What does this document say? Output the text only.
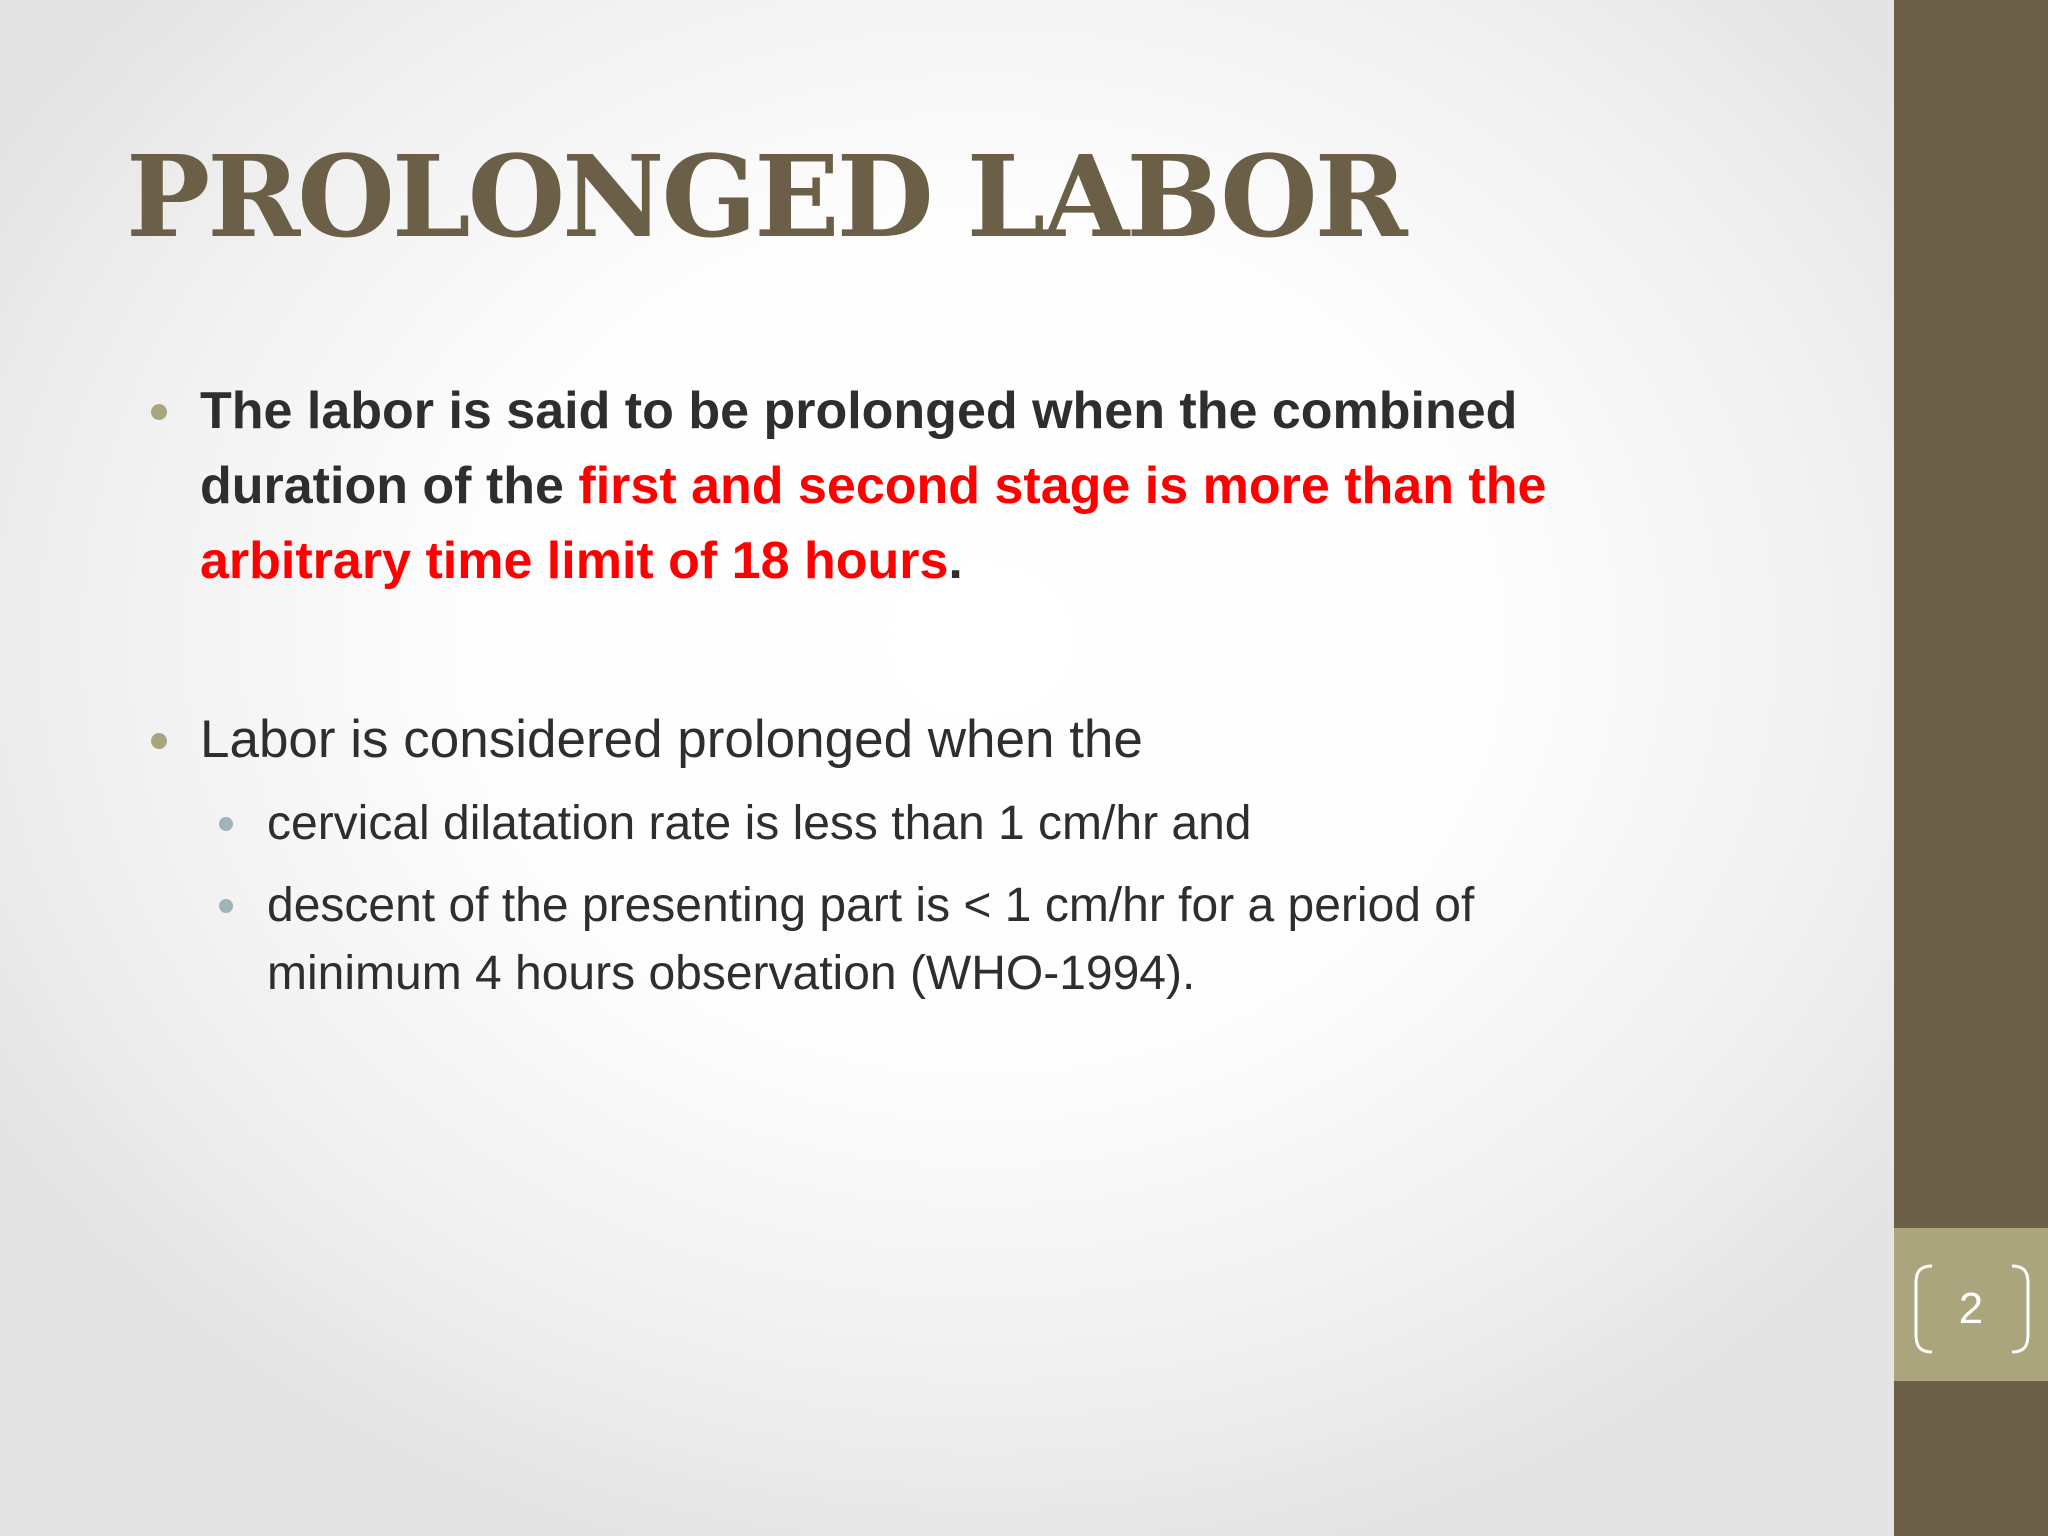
2
PROLONGED LABOR
The labor is said to be prolonged when the combined duration of the first and second stage is more than the arbitrary time limit of 18 hours.
Labor is considered prolonged when the
cervical dilatation rate is less than 1 cm/hr and
descent of the presenting part is < 1 cm/hr for a period of minimum 4 hours observation (WHO-1994).
